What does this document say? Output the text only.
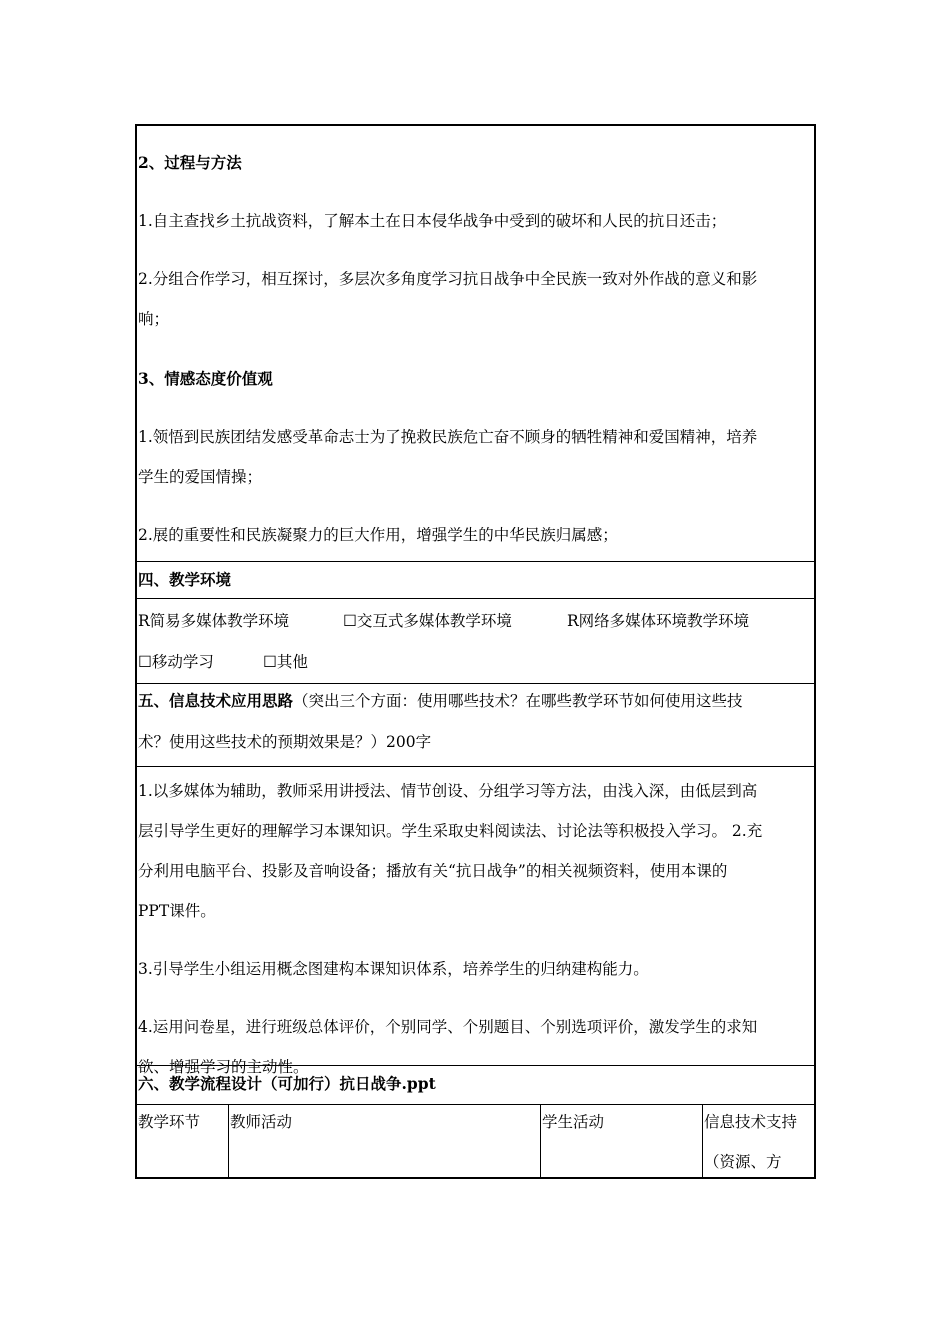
2、过程与方法
1.自主查找乡土抗战资料，了解本土在日本侵华战争中受到的破坏和人民的抗日还击；
2.分组合作学习，相互探讨，多层次多角度学习抗日战争中全民族一致对外作战的意义和影
响；
3、情感态度价值观
1.领悟到民族团结发感受革命志士为了挽救民族危亡奋不顾身的牺牲精神和爱国精神，培养
学生的爱国情操；
2.展的重要性和民族凝聚力的巨大作用，增强学生的中华民族归属感；
四、教学环境
R简易多媒体教学环境	☐交互式多媒体教学环境	R网络多媒体环境教学环境
☐移动学习	☐其他
五、信息技术应用思路（突出三个方面：使用哪些技术？在哪些教学环节如何使用这些技
术？使用这些技术的预期效果是？）200字
1.以多媒体为辅助，教师采用讲授法、情节创设、分组学习等方法，由浅入深，由低层到高
层引导学生更好的理解学习本课知识。学生采取史料阅读法、讨论法等积极投入学习。 2.充
分利用电脑平台、投影及音响设备；播放有关“抗日战争”的相关视频资料，使用本课的
PPT课件。
3.引导学生小组运用概念图建构本课知识体系，培养学生的归纳建构能力。
4.运用问卷星，进行班级总体评价，个别同学、个别题目、个别选项评价，激发学生的求知
欲、增强学习的主动性。
六、教学流程设计（可加行）抗日战争.ppt
教学环节 教师活动	学生活动	信息技术支持
（资源、方
